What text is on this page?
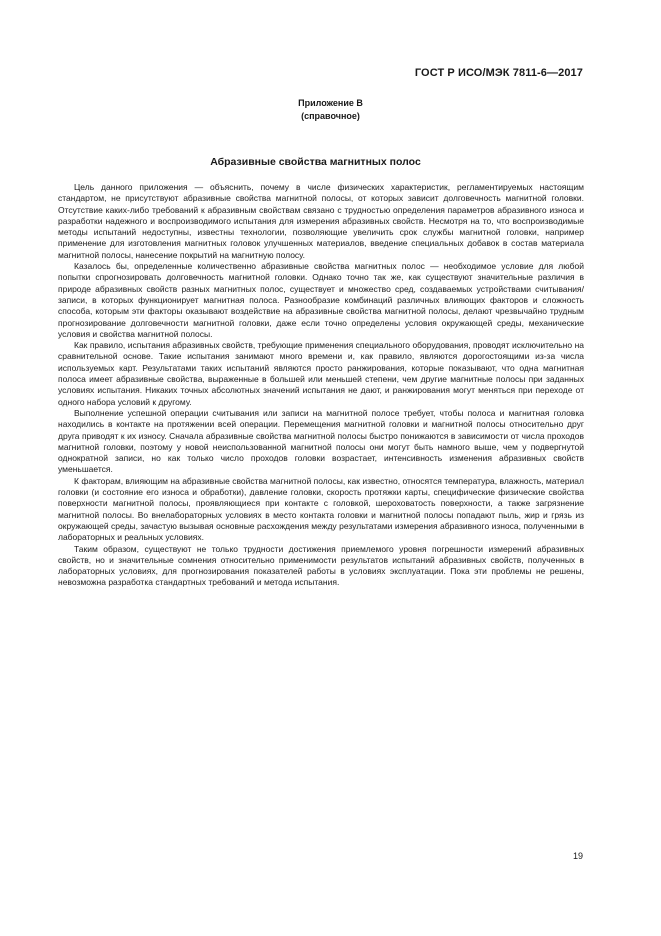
ГОСТ Р ИСО/МЭК 7811-6—2017
Приложение В
(справочное)
Абразивные свойства магнитных полос

Цель данного приложения — объяснить, почему в числе физических характеристик, регламентируемых настоящим стандартом, не присутствуют абразивные свойства магнитной полосы, от которых зависит долговечность магнитной головки. Отсутствие каких-либо требований к абразивным свойствам связано с трудностью определения параметров абразивного износа и разработки надежного и воспроизводимого испытания для измерения абразивных свойств. Несмотря на то, что воспроизводимые методы испытаний недоступны, известны технологии, позволяющие увеличить срок службы магнитной головки, например применение для изготовления магнитных головок улучшенных материалов, введение специальных добавок в состав материала магнитной полосы, нанесение покрытий на магнитную полосу.

Казалось бы, определенные количественно абразивные свойства магнитных полос — необходимое условие для любой попытки спрогнозировать долговечность магнитной головки. Однако точно так же, как существуют значительные различия в природе абразивных свойств разных магнитных полос, существует и множество сред, создаваемых устройствами считывания/записи, в которых функционирует магнитная полоса. Разнообразие комбинаций различных влияющих факторов и сложность способа, которым эти факторы оказывают воздействие на абразивные свойства магнитной полосы, делают чрезвычайно трудным прогнозирование долговечности магнитной головки, даже если точно определены условия окружающей среды, механические условия и свойства магнитной полосы.

Как правило, испытания абразивных свойств, требующие применения специального оборудования, проводят исключительно на сравнительной основе. Такие испытания занимают много времени и, как правило, являются дорогостоящими из-за числа используемых карт. Результатами таких испытаний являются просто ранжирования, которые показывают, что одна магнитная полоса имеет абразивные свойства, выраженные в большей или меньшей степени, чем другие магнитные полосы при заданных условиях испытания. Никаких точных абсолютных значений испытания не дают, и ранжирования могут меняться при переходе от одного набора условий к другому.

Выполнение успешной операции считывания или записи на магнитной полосе требует, чтобы полоса и магнитная головка находились в контакте на протяжении всей операции. Перемещения магнитной головки и магнитной полосы относительно друг друга приводят к их износу. Сначала абразивные свойства магнитной полосы быстро понижаются в зависимости от числа проходов магнитной головки, поэтому у новой неиспользованной магнитной полосы они могут быть намного выше, чем у подвергнутой однократной записи, но как только число проходов головки возрастает, интенсивность изменения абразивных свойств уменьшается.

К факторам, влияющим на абразивные свойства магнитной полосы, как известно, относятся температура, влажность, материал головки (и состояние его износа и обработки), давление головки, скорость протяжки карты, специфические физические свойства поверхности магнитной полосы, проявляющиеся при контакте с головкой, шероховатость поверхности, а также загрязнение магнитной полосы. Во внелабораторных условиях в место контакта головки и магнитной полосы попадают пыль, жир и грязь из окружающей среды, зачастую вызывая основные расхождения между результатами измерения абразивного износа, полученными в лабораторных и реальных условиях.

Таким образом, существуют не только трудности достижения приемлемого уровня погрешности измерений абразивных свойств, но и значительные сомнения относительно применимости результатов испытаний абразивных свойств, полученных в лабораторных условиях, для прогнозирования показателей работы в условиях эксплуатации. Пока эти проблемы не решены, невозможна разработка стандартных требований и метода испытания.

19
